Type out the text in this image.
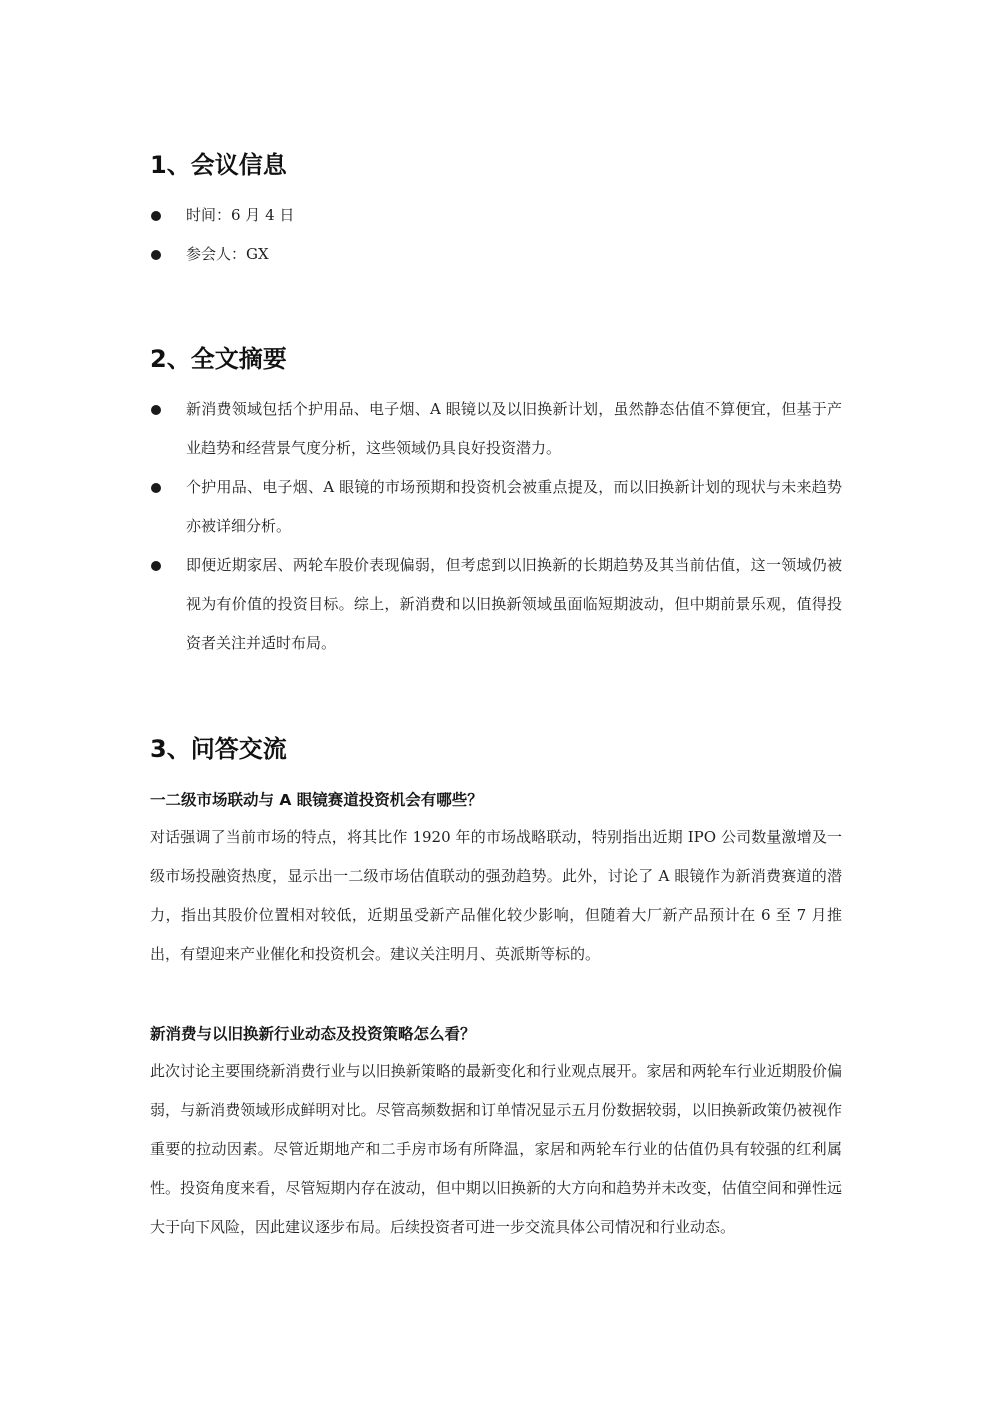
1、会议信息
时间：6 月 4 日
参会人：GX
2、全文摘要
新消费领域包括个护用品、电子烟、A 眼镜以及以旧换新计划，虽然静态估值不算便宜，但基于产业趋势和经营景气度分析，这些领域仍具良好投资潜力。
个护用品、电子烟、A 眼镜的市场预期和投资机会被重点提及，而以旧换新计划的现状与未来趋势亦被详细分析。
即便近期家居、两轮车股价表现偏弱，但考虑到以旧换新的长期趋势及其当前估值，这一领域仍被视为有价值的投资目标。综上，新消费和以旧换新领域虽面临短期波动，但中期前景乐观，值得投资者关注并适时布局。
3、问答交流
一二级市场联动与 A 眼镜赛道投资机会有哪些？

对话强调了当前市场的特点，将其比作 1920 年的市场战略联动，特别指出近期 IPO 公司数量激增及一级市场投融资热度，显示出一二级市场估值联动的强劲趋势。此外，讨论了 A 眼镜作为新消费赛道的潜力，指出其股价位置相对较低，近期虽受新产品催化较少影响，但随着大厂新产品预计在 6 至 7 月推出，有望迎来产业催化和投资机会。建议关注明月、英派斯等标的。

新消费与以旧换新行业动态及投资策略怎么看？

此次讨论主要围绕新消费行业与以旧换新策略的最新变化和行业观点展开。家居和两轮车行业近期股价偏弱，与新消费领域形成鲜明对比。尽管高频数据和订单情况显示五月份数据较弱，以旧换新政策仍被视作重要的拉动因素。尽管近期地产和二手房市场有所降温，家居和两轮车行业的估值仍具有较强的红利属性。投资角度来看，尽管短期内存在波动，但中期以旧换新的大方向和趋势并未改变，估值空间和弹性远大于向下风险，因此建议逐步布局。后续投资者可进一步交流具体公司情况和行业动态。
